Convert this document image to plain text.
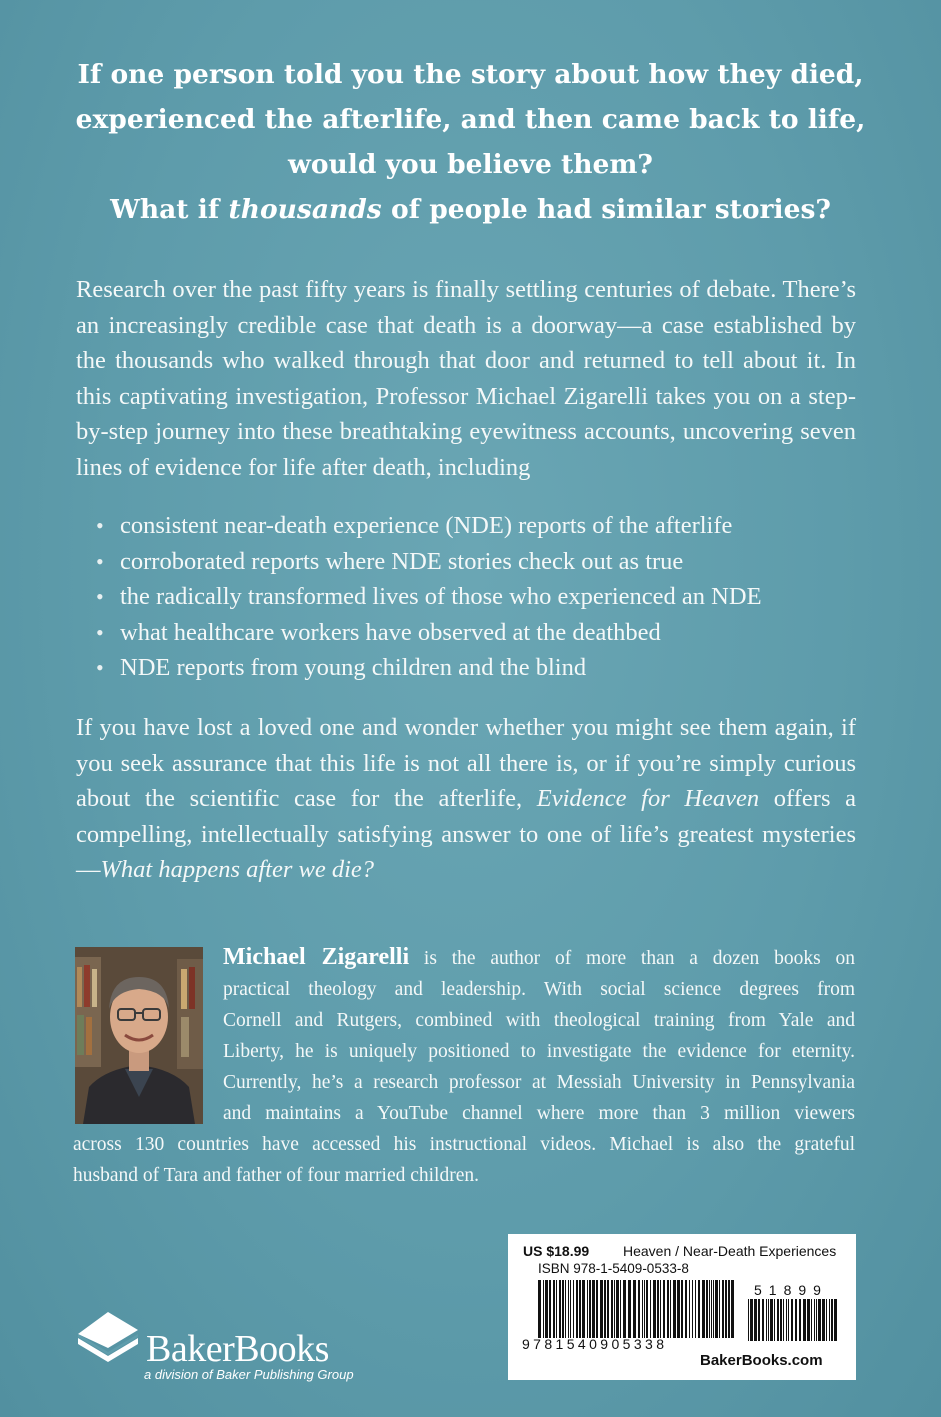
If one person told you the story about how they died,
experienced the afterlife, and then came back to life,
would you believe them?
What if thousands of people had similar stories?

Research over the past fifty years is finally settling centuries of debate. There’s an increasingly credible case that death is a doorway—a case established by the thousands who walked through that door and returned to tell about it. In this captivating investigation, Professor Michael Zigarelli takes you on a step-by-step journey into these breathtaking eyewitness accounts, uncovering seven lines of evidence for life after death, including

• consistent near-death experience (NDE) reports of the afterlife
• corroborated reports where NDE stories check out as true
• the radically transformed lives of those who experienced an NDE
• what healthcare workers have observed at the deathbed
• NDE reports from young children and the blind

If you have lost a loved one and wonder whether you might see them again, if you seek assurance that this life is not all there is, or if you’re simply curious about the scientific case for the afterlife, Evidence for Heaven offers a compelling, intellectually satisfying answer to one of life’s greatest mysteries—What happens after we die?

Michael Zigarelli is the author of more than a dozen books on
practical theology and leadership. With social science degrees from
Cornell and Rutgers, combined with theological training from Yale and
Liberty, he is uniquely positioned to investigate the evidence for eternity.
Currently, he’s a research professor at Messiah University in Pennsylvania
and maintains a YouTube channel where more than 3 million viewers
across 130 countries have accessed his instructional videos. Michael is also the grateful
husband of Tara and father of four married children.
BakerBooks
a division of Baker Publishing Group
US $18.99 Heaven / Near-Death Experiences
ISBN 978-1-5409-0533-8
51899
9781540905338
BakerBooks.com
